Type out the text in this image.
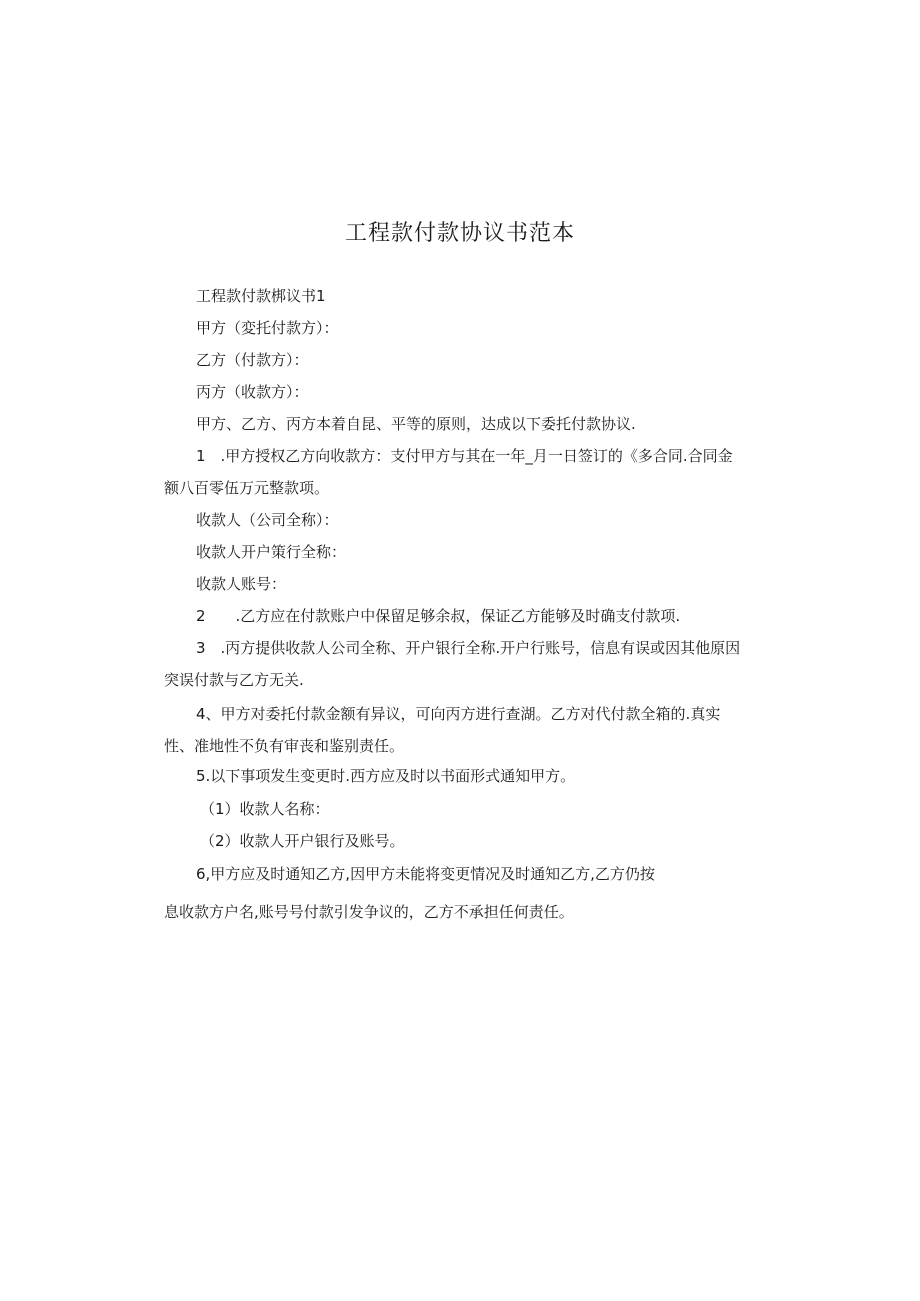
工程款付款协议书范本

工程款付款梆议书1

甲方（変托付款方）：

乙方（付款方）：

丙方（收款方）：

甲方、乙方、丙方本着自昆、平等的原则，达成以下委托付款协议.

1 .甲方授权乙方向收款方：支付甲方与其在一年_月一日签订的《多合同.合同金

额八百零伍万元整款项。

收款人（公司全称）：

收款人开户策行全称：

收款人账号：

2  .乙方应在付款账户中保留足够余叔，保证乙方能够及时确支付款项.

3 .丙方提供收款人公司全称、开户银行全称.开户行账号，信息有误或因其他原因

突误付款与乙方无关.

4、甲方对委托付款金额有异议，可向丙方进行查湖。乙方对代付款全箱的.真实

性、准地性不负有审丧和鉴别责任。

5.以下事项发生变更时.西方应及时以书面形式通知甲方。

（1）收款人名称：

（2）收款人开户银行及账号。

6,甲方应及时通知乙方,因甲方未能将变更情况及时通知乙方,乙方仍按

息收款方户名,账号号付款引发争议的，乙方不承担任何责任。
